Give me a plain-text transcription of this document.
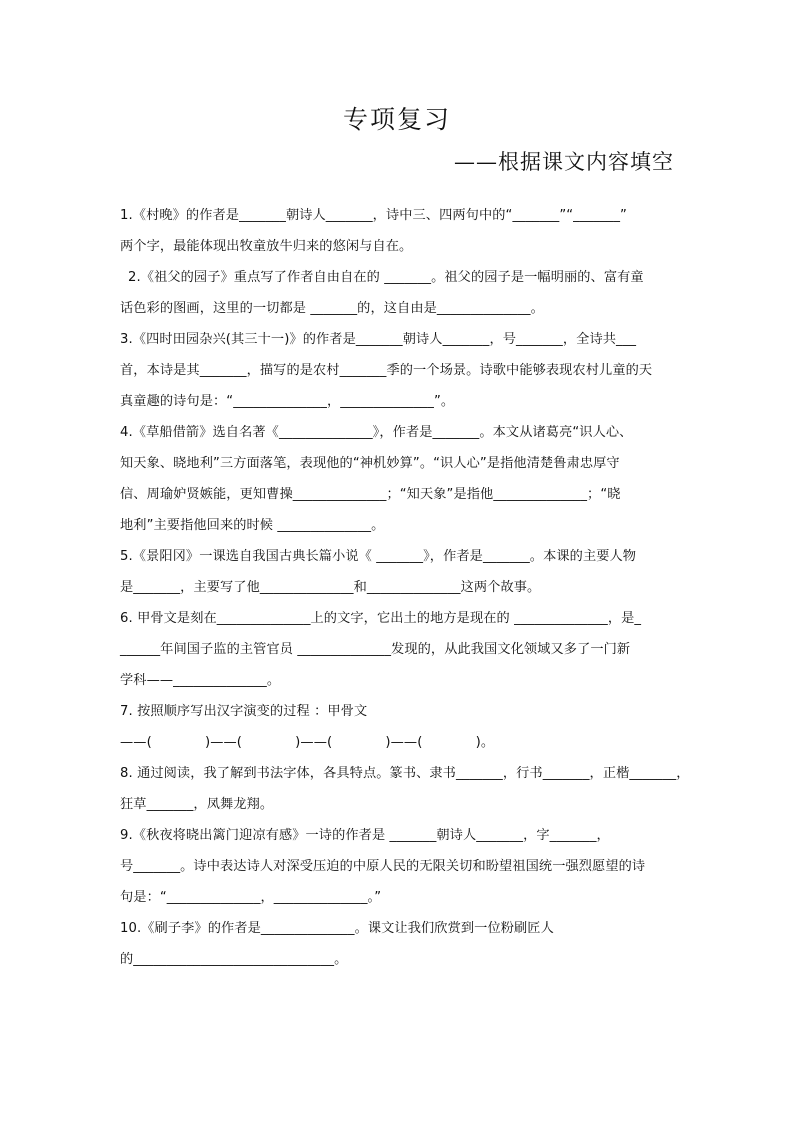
专项复习
——根据课文内容填空
1.《村晚》的作者是_______朝诗人_______，诗中三、四两句中的“_______”“_______”
两个字，最能体现出牧童放牛归来的悠闲与自在。
2.《祖父的园子》重点写了作者自由自在的 _______。祖父的园子是一幅明丽的、富有童
话色彩的图画，这里的一切都是 _______的，这自由是______________。
3.《四时田园杂兴(其三十一)》的作者是_______朝诗人_______，号_______，全诗共___
首，本诗是其_______，描写的是农村_______季的一个场景。诗歌中能够表现农村儿童的天
真童趣的诗句是：“______________，______________”。
4.《草船借箭》选自名著《______________》，作者是_______。本文从诸葛亮“识人心、
知天象、晓地利”三方面落笔，表现他的“神机妙算”。“识人心”是指他清楚鲁肃忠厚守
信、周瑜妒贤嫉能，更知曹操______________；“知天象”是指他______________；“晓
地利”主要指他回来的时候 ______________。
5.《景阳冈》一课选自我国古典长篇小说《 _______》，作者是_______。本课的主要人物
是_______，主要写了他______________和______________这两个故事。
6. 甲骨文是刻在______________上的文字，它出土的地方是现在的 ______________，是_
______年间国子监的主管官员 ______________发现的，从此我国文化领域又多了一门新
学科——______________。
7. 按照顺序写出汉字演变的过程 ：甲骨文
——(　　　　)——(　　　　)——(　　　　)——(　　　　)。
8. 通过阅读，我了解到书法字体，各具特点。篆书、隶书_______，行书_______，正楷_______，
狂草_______，凤舞龙翔。
9.《秋夜将晓出篱门迎凉有感》一诗的作者是 _______朝诗人_______，字_______，
号_______。诗中表达诗人对深受压迫的中原人民的无限关切和盼望祖国统一强烈愿望的诗
句是：“______________，______________。”
10.《刷子李》的作者是______________。课文让我们欣赏到一位粉刷匠人
的______________________________。
